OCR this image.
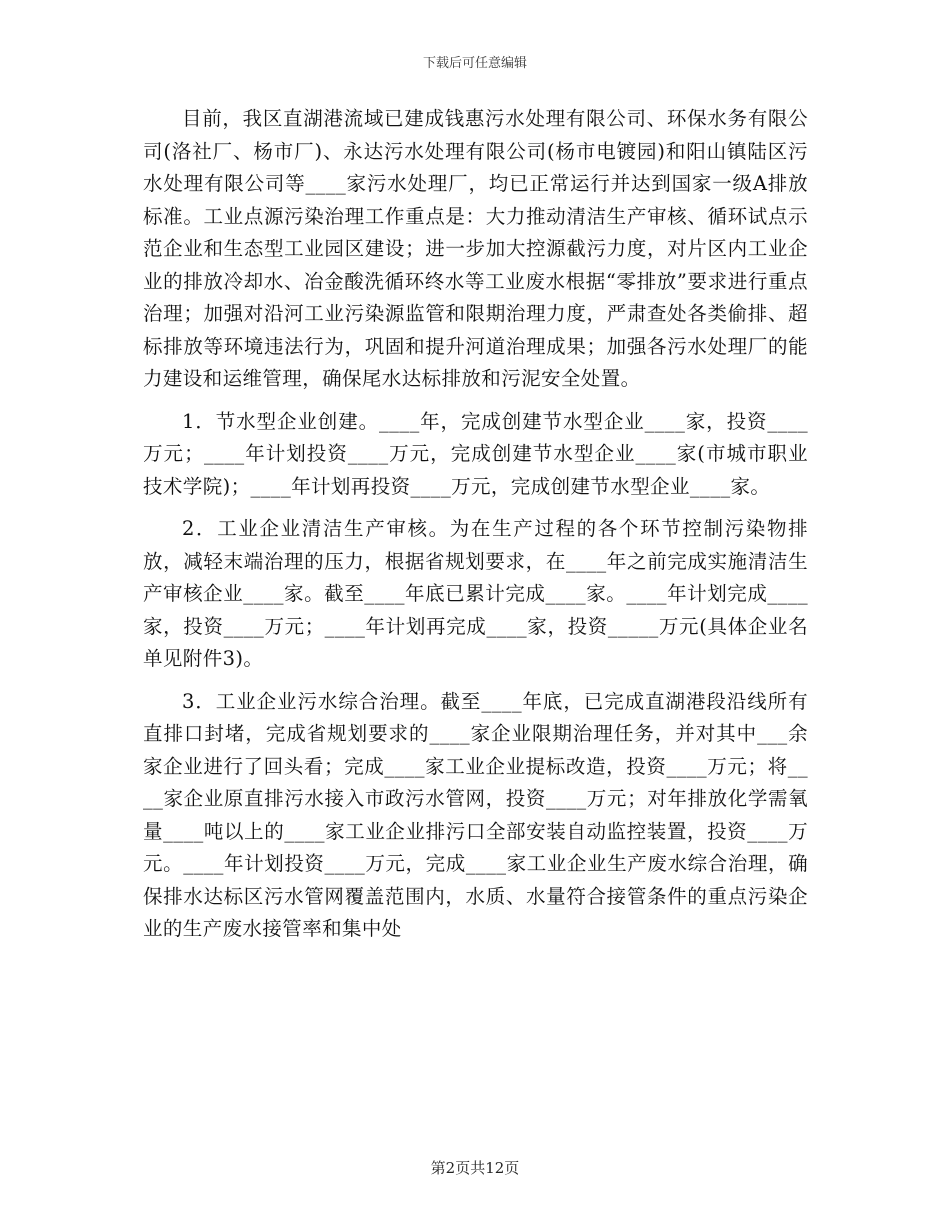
下载后可任意编辑

目前，我区直湖港流域已建成钱惠污水处理有限公司、环保水务有限公司(洛社厂、杨市厂)、永达污水处理有限公司(杨市电镀园)和阳山镇陆区污水处理有限公司等____家污水处理厂，均已正常运行并达到国家一级A排放标准。工业点源污染治理工作重点是：大力推动清洁生产审核、循环试点示范企业和生态型工业园区建设；进一步加大控源截污力度，对片区内工业企业的排放冷却水、冶金酸洗循环终水等工业废水根据“零排放”要求进行重点治理；加强对沿河工业污染源监管和限期治理力度，严肃查处各类偷排、超标排放等环境违法行为，巩固和提升河道治理成果；加强各污水处理厂的能力建设和运维管理，确保尾水达标排放和污泥安全处置。

1．节水型企业创建。____年，完成创建节水型企业____家，投资____万元；____年计划投资____万元，完成创建节水型企业____家(市城市职业技术学院)；____年计划再投资____万元，完成创建节水型企业____家。

2．工业企业清洁生产审核。为在生产过程的各个环节控制污染物排放，减轻末端治理的压力，根据省规划要求，在____年之前完成实施清洁生产审核企业____家。截至____年底已累计完成____家。____年计划完成____家，投资____万元；____年计划再完成____家，投资_____万元(具体企业名单见附件3)。

3．工业企业污水综合治理。截至____年底，已完成直湖港段沿线所有直排口封堵，完成省规划要求的____家企业限期治理任务，并对其中___余家企业进行了回头看；完成____家工业企业提标改造，投资____万元；将____家企业原直排污水接入市政污水管网，投资____万元；对年排放化学需氧量____吨以上的____家工业企业排污口全部安装自动监控装置，投资____万元。____年计划投资____万元，完成____家工业企业生产废水综合治理，确保排水达标区污水管网覆盖范围内，水质、水量符合接管条件的重点污染企业的生产废水接管率和集中处

第2页共12页
